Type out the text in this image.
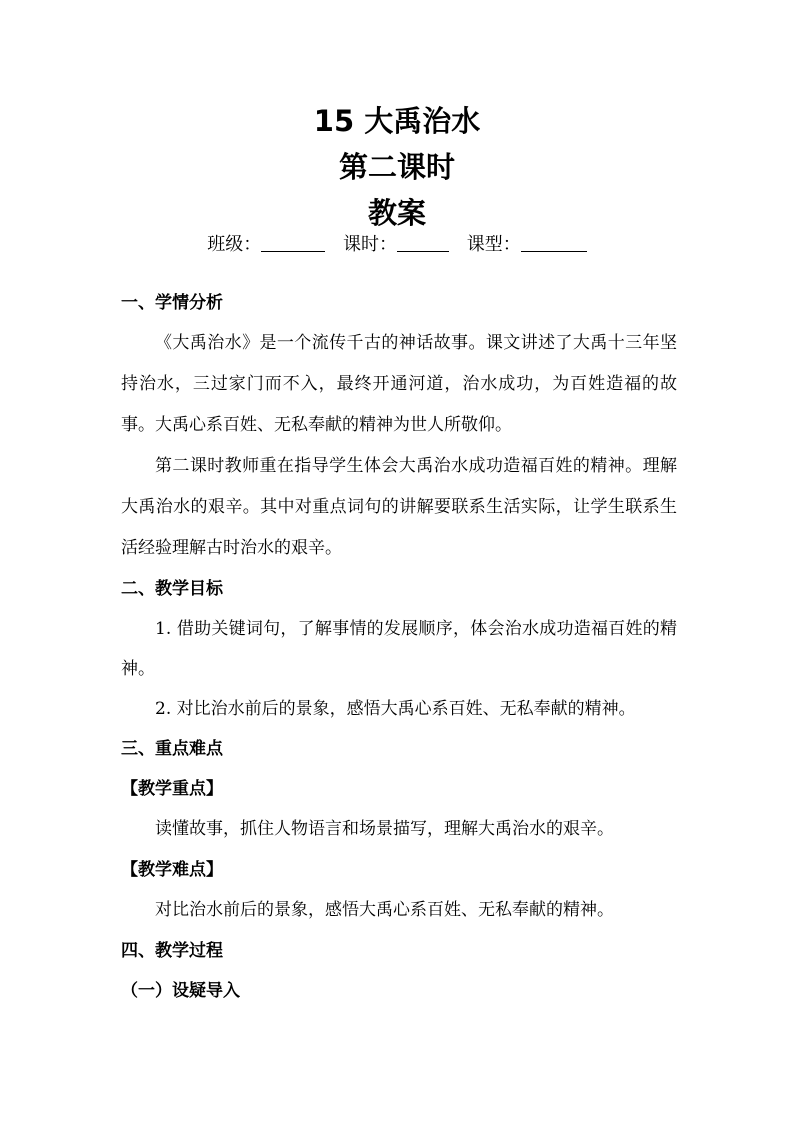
15 大禹治水
第二课时
教案
班级：	课时：	课型：
一、学情分析

《大禹治水》是一个流传千古的神话故事。课文讲述了大禹十三年坚持治水，三过家门而不入，最终开通河道，治水成功，为百姓造福的故事。大禹心系百姓、无私奉献的精神为世人所敬仰。

第二课时教师重在指导学生体会大禹治水成功造福百姓的精神。理解大禹治水的艰辛。其中对重点词句的讲解要联系生活实际，让学生联系生活经验理解古时治水的艰辛。

二、教学目标

1. 借助关键词句，了解事情的发展顺序，体会治水成功造福百姓的精神。

2. 对比治水前后的景象，感悟大禹心系百姓、无私奉献的精神。

三、重点难点
【教学重点】

读懂故事，抓住人物语言和场景描写，理解大禹治水的艰辛。

【教学难点】

对比治水前后的景象，感悟大禹心系百姓、无私奉献的精神。

四、教学过程
（一）设疑导入
